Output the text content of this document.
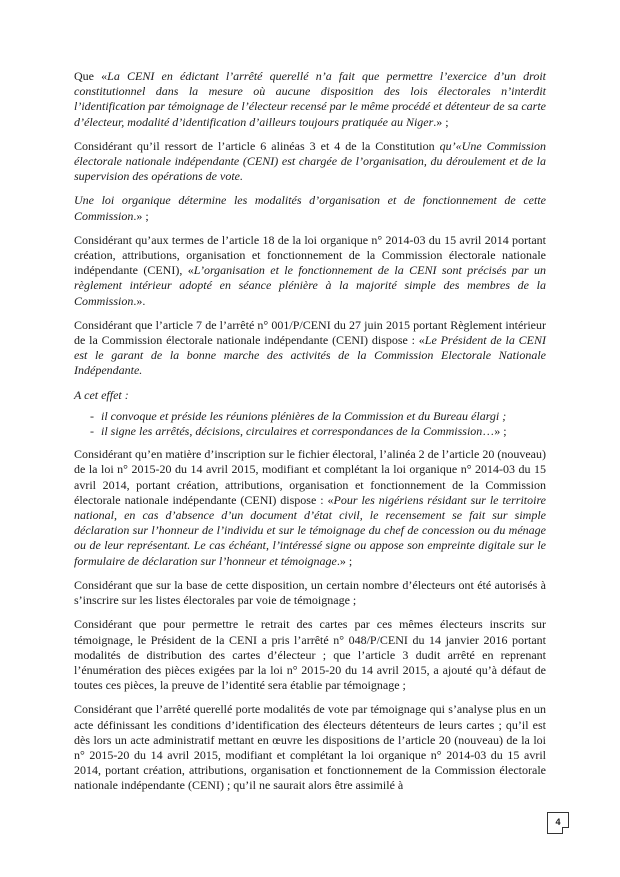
Que «La CENI en édictant l’arrêté querellé n’a fait que permettre l’exercice d’un droit constitutionnel dans la mesure où aucune disposition des lois électorales n’interdit l’identification par témoignage de l’électeur recensé par le même procédé et détenteur de sa carte d’électeur, modalité d’identification d’ailleurs toujours pratiquée au Niger.» ;

Considérant qu’il ressort de l’article 6 alinéas 3 et 4 de la Constitution qu’«Une Commission électorale nationale indépendante (CENI) est chargée de l’organisation, du déroulement et de la supervision des opérations de vote.

Une loi organique détermine les modalités d’organisation et de fonctionnement de cette Commission.» ;

Considérant qu’aux termes de l’article 18 de la loi organique n° 2014-03 du 15 avril 2014 portant création, attributions, organisation et fonctionnement de la Commission électorale nationale indépendante (CENI), «L’organisation et le fonctionnement de la CENI sont précisés par un règlement intérieur adopté en séance plénière à la majorité simple des membres de la Commission.».

Considérant que l’article 7 de l’arrêté n° 001/P/CENI du 27 juin 2015 portant Règlement intérieur de la Commission électorale nationale indépendante (CENI) dispose : «Le Président de la CENI est le garant de la bonne marche des activités de la Commission Electorale Nationale Indépendante.

A cet effet :

- il convoque et préside les réunions plénières de la Commission et du Bureau élargi ;
- il signe les arrêtés, décisions, circulaires et correspondances de la Commission…» ;

Considérant qu’en matière d’inscription sur le fichier électoral, l’alinéa 2 de l’article 20 (nouveau) de la loi n° 2015-20 du 14 avril 2015, modifiant et complétant la loi organique n° 2014-03 du 15 avril 2014, portant création, attributions, organisation et fonctionnement de la Commission électorale nationale indépendante (CENI) dispose : «Pour les nigériens résidant sur le territoire national, en cas d’absence d’un document d’état civil, le recensement se fait sur simple déclaration sur l’honneur de l’individu et sur le témoignage du chef de concession ou du ménage ou de leur représentant. Le cas échéant, l’intéressé signe ou appose son empreinte digitale sur le formulaire de déclaration sur l’honneur et témoignage.» ;

Considérant que sur la base de cette disposition, un certain nombre d’électeurs ont été autorisés à s’inscrire sur les listes électorales par voie de témoignage ;

Considérant que pour permettre le retrait des cartes par ces mêmes électeurs inscrits sur témoignage, le Président de la CENI a pris l’arrêté n° 048/P/CENI du 14 janvier 2016 portant modalités de distribution des cartes d’électeur ; que l’article 3 dudit arrêté en reprenant l’énumération des pièces exigées par la loi n° 2015-20 du 14 avril 2015, a ajouté qu’à défaut de toutes ces pièces, la preuve de l’identité sera établie par témoignage ;

Considérant que l’arrêté querellé porte modalités de vote par témoignage qui s’analyse plus en un acte définissant les conditions d’identification des électeurs détenteurs de leurs cartes ; qu’il est dès lors un acte administratif mettant en œuvre les dispositions de l’article 20 (nouveau) de la loi n° 2015-20 du 14 avril 2015, modifiant et complétant la loi organique n° 2014-03 du 15 avril 2014, portant création, attributions, organisation et fonctionnement de la Commission électorale nationale indépendante (CENI) ; qu’il ne saurait alors être assimilé à

4
